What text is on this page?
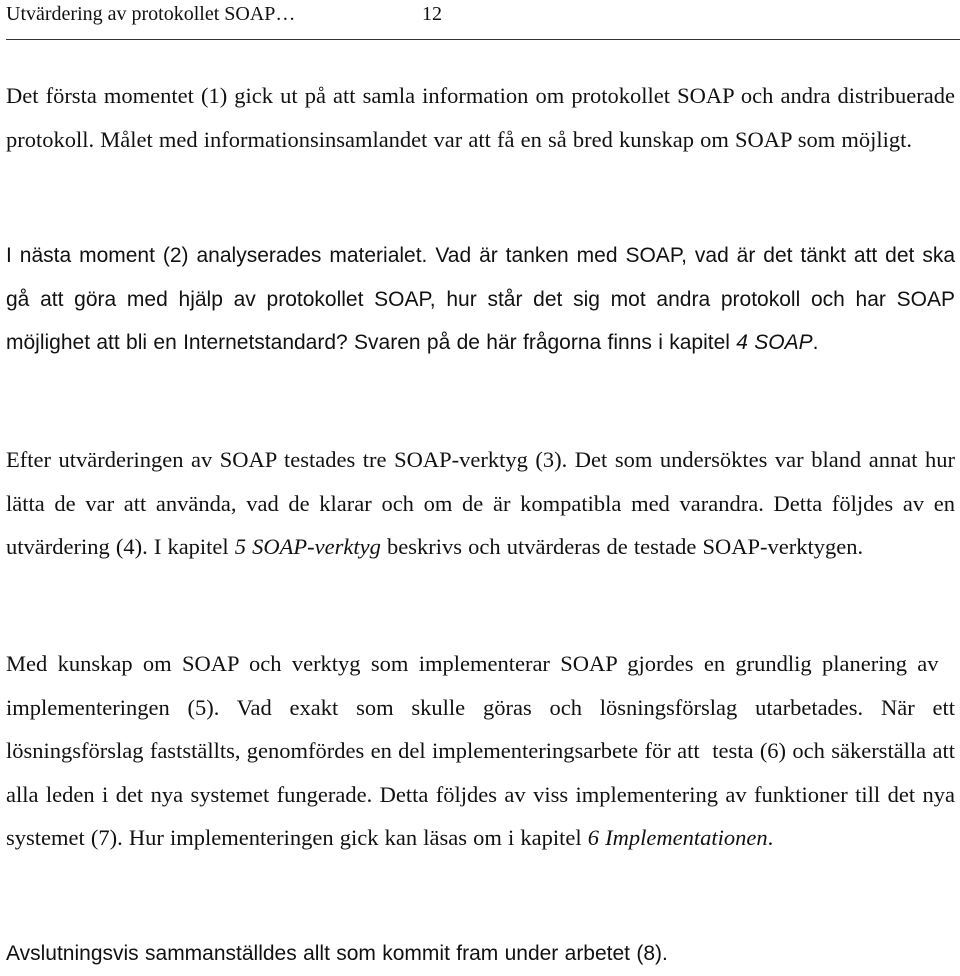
Utvärdering av protokollet SOAP…	12

Det första momentet (1) gick ut på att samla information om protokollet SOAP och andra distribuerade protokoll. Målet med informationsinsamlandet var att få en så bred kunskap om SOAP som möjligt.

I nästa moment (2) analyserades materialet. Vad är tanken med SOAP, vad är det tänkt att det ska gå att göra med hjälp av protokollet SOAP, hur står det sig mot andra protokoll och har SOAP möjlighet att bli en Internetstandard? Svaren på de här frågorna finns i kapitel 4 SOAP.

Efter utvärderingen av SOAP testades tre SOAP-verktyg (3). Det som undersöktes var bland annat hur lätta de var att använda, vad de klarar och om de är kompatibla med varandra. Detta följdes av en utvärdering (4). I kapitel 5 SOAP-verktyg beskrivs och utvärderas de testade SOAP-verktygen.

Med kunskap om SOAP och verktyg som implementerar SOAP gjordes en grundlig planering av   implementeringen (5). Vad exakt som skulle göras och lösningsförslag utarbetades. När ett lösningsförslag fastställts, genomfördes en del implementeringsarbete för att  testa (6) och säkerställa att alla leden i det nya systemet fungerade. Detta följdes av viss implementering av funktioner till det nya systemet (7). Hur implementeringen gick kan läsas om i kapitel 6 Implementationen.

Avslutningsvis sammanställdes allt som kommit fram under arbetet (8).
